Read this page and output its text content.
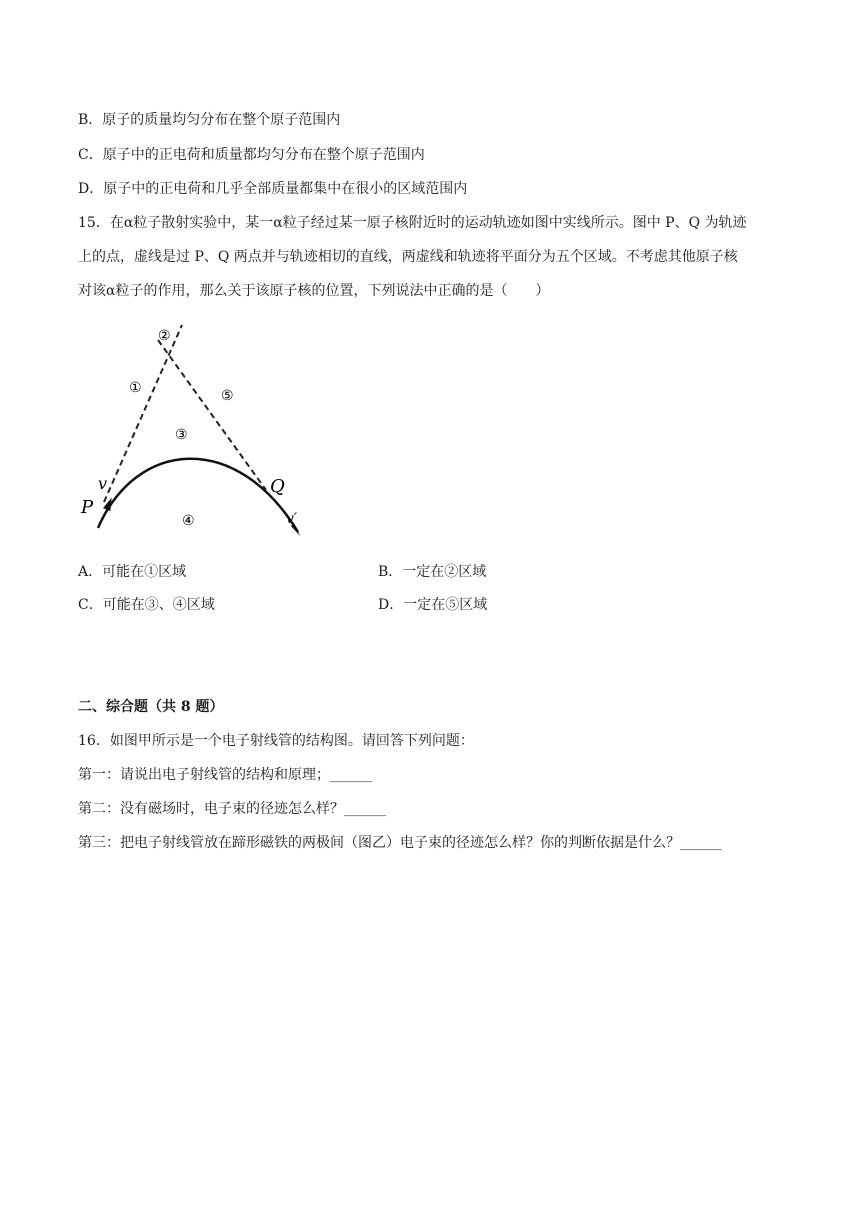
B．原子的质量均匀分布在整个原子范围内
C．原子中的正电荷和质量都均匀分布在整个原子范围内
D．原子中的正电荷和几乎全部质量都集中在很小的区域范围内
15．在α粒子散射实验中，某一α粒子经过某一原子核附近时的运动轨迹如图中实线所示。图中 P、Q 为轨迹
上的点，虚线是过 P、Q 两点并与轨迹相切的直线，两虚线和轨迹将平面分为五个区域。不考虑其他原子核
对该α粒子的作用，那么关于该原子核的位置，下列说法中正确的是（　　）
②
①	⑤
③
④
v
P
Q
v′
A．可能在①区域	B．一定在②区域
C．可能在③、④区域	D．一定在⑤区域
二、综合题（共 8 题）
16．如图甲所示是一个电子射线管的结构图。请回答下列问题：
第一：请说出电子射线管的结构和原理；______
第二：没有磁场时，电子束的径迹怎么样？______
第三：把电子射线管放在蹄形磁铁的两极间（图乙）电子束的径迹怎么样？你的判断依据是什么？______
